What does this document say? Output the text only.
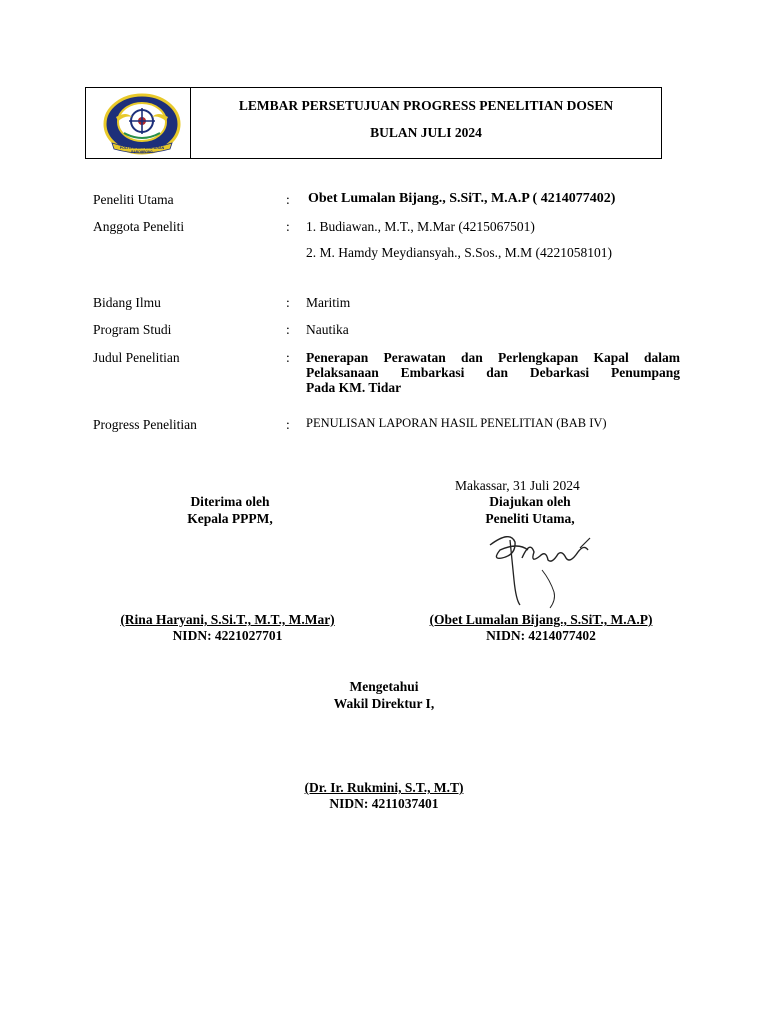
POLITEKNIK PELAYARAN
BAROMBONG
LEMBAR PERSETUJUAN PROGRESS PENELITIAN DOSEN
BULAN JULI 2024
Peneliti Utama	: Obet Lumalan Bijang., S.SiT., M.A.P ( 4214077402)
Anggota Peneliti	: 1. Budiawan., M.T., M.Mar (4215067501)
2. M. Hamdy Meydiansyah., S.Sos., M.M (4221058101)
Bidang Ilmu	: Maritim
Program Studi	: Nautika
Judul Penelitian	: Penerapan Perawatan dan Perlengkapan Kapal dalam
Pelaksanaan Embarkasi dan Debarkasi Penumpang
Pada KM. Tidar
Progress Penelitian	: PENULISAN LAPORAN HASIL PENELITIAN (BAB IV)
Makassar, 31 Juli 2024
Diterima oleh
Kepala PPPM,
Diajukan oleh
Peneliti Utama,
(Rina Haryani, S.Si.T., M.T., M.Mar)
NIDN: 4221027701
(Obet Lumalan Bijang., S.SiT., M.A.P)
NIDN: 4214077402
Mengetahui
Wakil Direktur I,
(Dr. Ir. Rukmini, S.T., M.T)
NIDN: 4211037401
